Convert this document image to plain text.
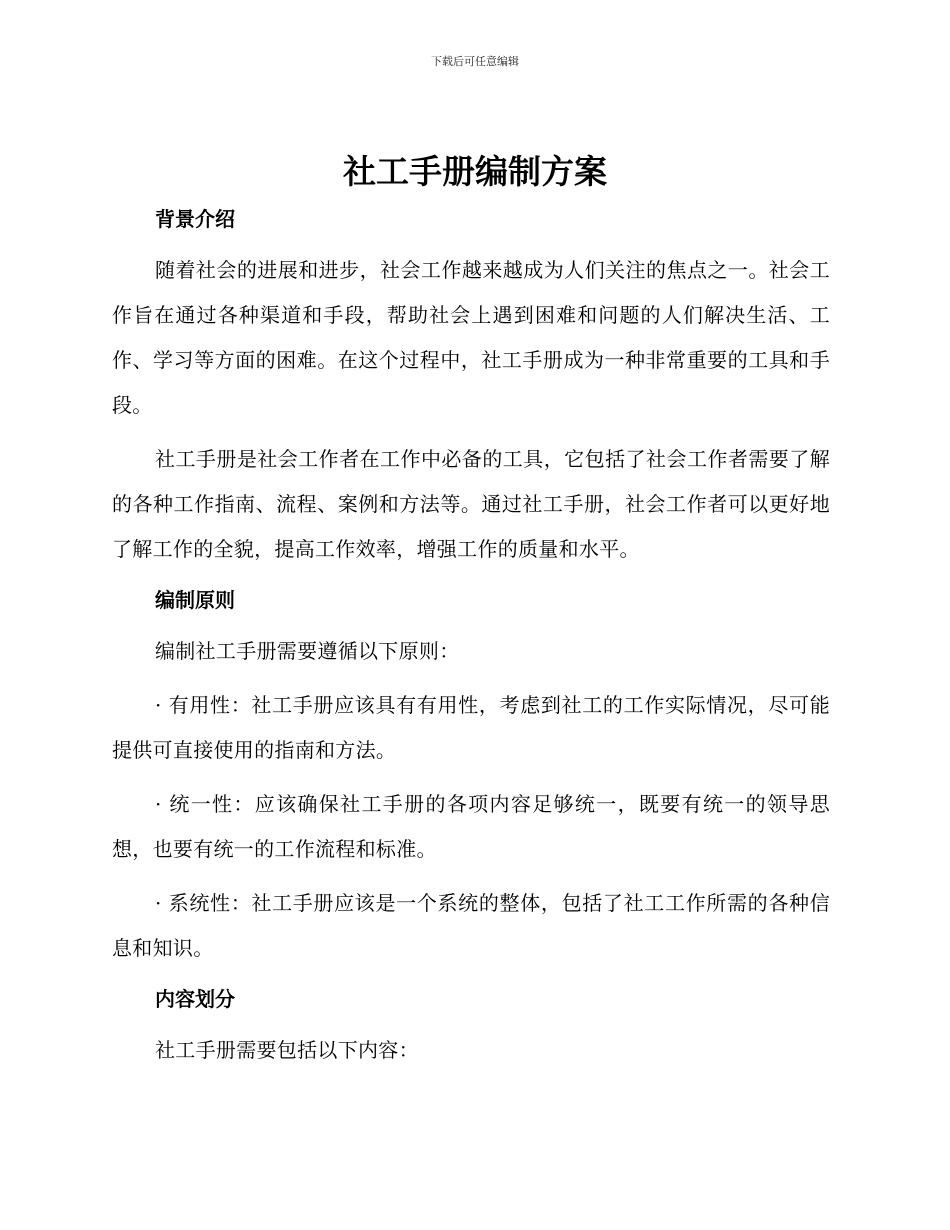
下载后可任意编辑
社工手册编制方案
背景介绍

随着社会的进展和进步，社会工作越来越成为人们关注的焦点之一。社会工作旨在通过各种渠道和手段，帮助社会上遇到困难和问题的人们解决生活、工作、学习等方面的困难。在这个过程中，社工手册成为一种非常重要的工具和手段。

社工手册是社会工作者在工作中必备的工具，它包括了社会工作者需要了解的各种工作指南、流程、案例和方法等。通过社工手册，社会工作者可以更好地了解工作的全貌，提高工作效率，增强工作的质量和水平。

编制原则

编制社工手册需要遵循以下原则：

· 有用性：社工手册应该具有有用性，考虑到社工的工作实际情况，尽可能提供可直接使用的指南和方法。

· 统一性：应该确保社工手册的各项内容足够统一，既要有统一的领导思想，也要有统一的工作流程和标准。

· 系统性：社工手册应该是一个系统的整体，包括了社工工作所需的各种信息和知识。

内容划分

社工手册需要包括以下内容：
